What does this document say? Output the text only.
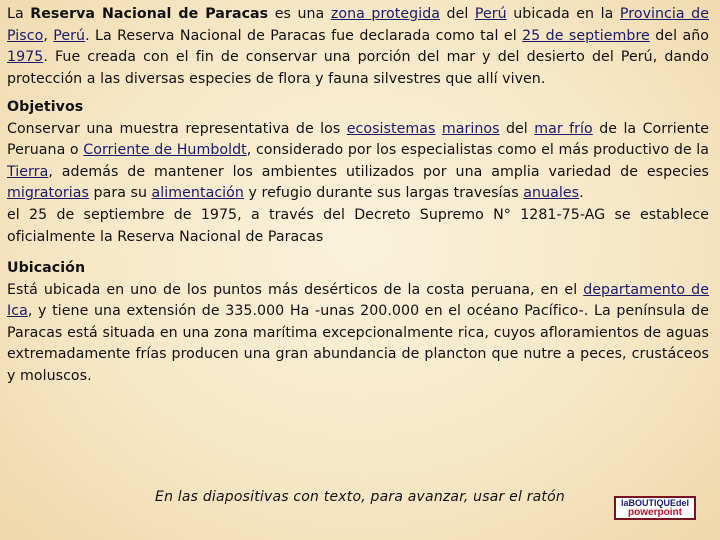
La Reserva Nacional de Paracas es una zona protegida del Perú ubicada en la Provincia de Pisco, Perú. La Reserva Nacional de Paracas fue declarada como tal el 25 de septiembre del año 1975. Fue creada con el fin de conservar una porción del mar y del desierto del Perú, dando protección a las diversas especies de flora y fauna silvestres que allí viven.
Objetivos
Conservar una muestra representativa de los ecosistemas marinos del mar frío de la Corriente Peruana o Corriente de Humboldt, considerado por los especialistas como el más productivo de la Tierra, además de mantener los ambientes utilizados por una amplia variedad de especies migratorias para su alimentación y refugio durante sus largas travesías anuales.
el 25 de septiembre de 1975, a través del Decreto Supremo N° 1281-75-AG se establece oficialmente la Reserva Nacional de Paracas
Ubicación
Está ubicada en uno de los puntos más desérticos de la costa peruana, en el departamento de Ica, y tiene una extensión de 335.000 Ha -unas 200.000 en el océano Pacífico-. La península de Paracas está situada en una zona marítima excepcionalmente rica, cuyos afloramientos de aguas extremadamente frías producen una gran abundancia de plancton que nutre a peces, crustáceos y moluscos.
En las diapositivas con texto, para avanzar, usar el ratón	laBOUTIQUEdel
powerpoint
